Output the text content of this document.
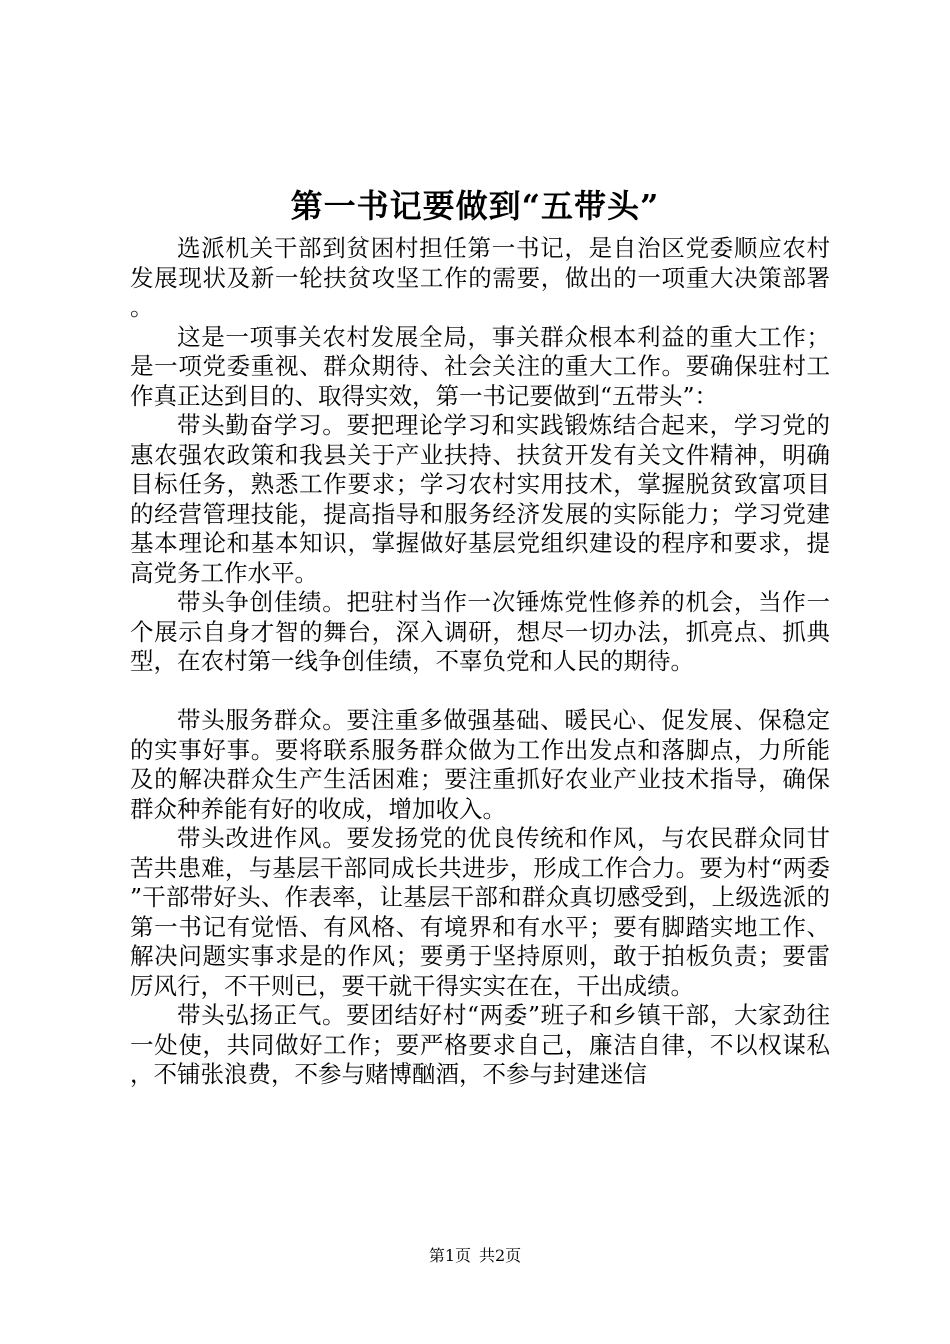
第一书记要做到“五带头”

选派机关干部到贫困村担任第一书记，是自治区党委顺应农村发展现状及新一轮扶贫攻坚工作的需要，做出的一项重大决策部署。

这是一项事关农村发展全局，事关群众根本利益的重大工作；是一项党委重视、群众期待、社会关注的重大工作。要确保驻村工作真正达到目的、取得实效，第一书记要做到“五带头”：

带头勤奋学习。要把理论学习和实践锻炼结合起来，学习党的惠农强农政策和我县关于产业扶持、扶贫开发有关文件精神，明确目标任务，熟悉工作要求；学习农村实用技术，掌握脱贫致富项目的经营管理技能，提高指导和服务经济发展的实际能力；学习党建基本理论和基本知识，掌握做好基层党组织建设的程序和要求，提高党务工作水平。

带头争创佳绩。把驻村当作一次锤炼党性修养的机会，当作一个展示自身才智的舞台，深入调研，想尽一切办法，抓亮点、抓典型，在农村第一线争创佳绩，不辜负党和人民的期待。

带头服务群众。要注重多做强基础、暖民心、促发展、保稳定的实事好事。要将联系服务群众做为工作出发点和落脚点，力所能及的解决群众生产生活困难；要注重抓好农业产业技术指导，确保群众种养能有好的收成，增加收入。

带头改进作风。要发扬党的优良传统和作风，与农民群众同甘苦共患难，与基层干部同成长共进步，形成工作合力。要为村“两委”干部带好头、作表率，让基层干部和群众真切感受到，上级选派的第一书记有觉悟、有风格、有境界和有水平；要有脚踏实地工作、解决问题实事求是的作风；要勇于坚持原则，敢于拍板负责；要雷厉风行，不干则已，要干就干得实实在在，干出成绩。

带头弘扬正气。要团结好村“两委”班子和乡镇干部，大家劲往一处使，共同做好工作；要严格要求自己，廉洁自律，不以权谋私，不铺张浪费，不参与赌博酗酒，不参与封建迷信

第1页 共2页
